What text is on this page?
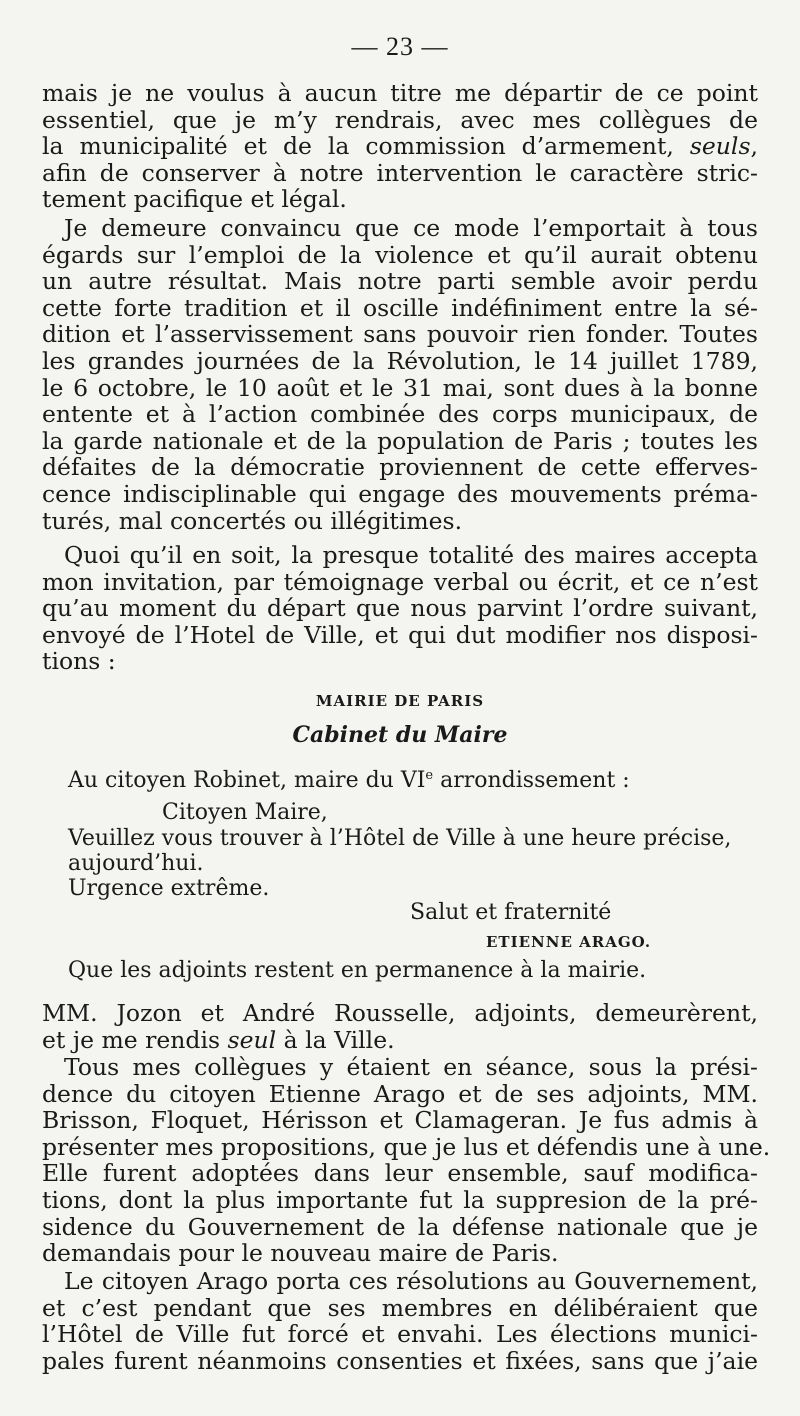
— 23 —
mais je ne voulus à aucun titre me départir de ce point
essentiel, que je m’y rendrais, avec mes collègues de
la municipalité et de la commission d’armement, seuls,
afin de conserver à notre intervention le caractère stric-
tement pacifique et légal.
Je demeure convaincu que ce mode l’emportait à tous
égards sur l’emploi de la violence et qu’il aurait obtenu
un autre résultat. Mais notre parti semble avoir perdu
cette forte tradition et il oscille indéfiniment entre la sé-
dition et l’asservissement sans pouvoir rien fonder. Toutes
les grandes journées de la Révolution, le 14 juillet 1789,
le 6 octobre, le 10 août et le 31 mai, sont dues à la bonne
entente et à l’action combinée des corps municipaux, de
la garde nationale et de la population de Paris ; toutes les
défaites de la démocratie proviennent de cette efferves-
cence indisciplinable qui engage des mouvements préma-
turés, mal concertés ou illégitimes.
Quoi qu’il en soit, la presque totalité des maires accepta
mon invitation, par témoignage verbal ou écrit, et ce n’est
qu’au moment du départ que nous parvint l’ordre suivant,
envoyé de l’Hotel de Ville, et qui dut modifier nos disposi-
tions :
MAIRIE DE PARIS
Cabinet du Maire
Au citoyen Robinet, maire du VIe arrondissement :
Citoyen Maire,
Veuillez vous trouver à l’Hôtel de Ville à une heure précise,
aujourd’hui.
Urgence extrême.
Salut et fraternité
ETIENNE ARAGO.
Que les adjoints restent en permanence à la mairie.
MM. Jozon et André Rousselle, adjoints, demeurèrent,
et je me rendis seul à la Ville.
Tous mes collègues y étaient en séance, sous la prési-
dence du citoyen Etienne Arago et de ses adjoints, MM.
Brisson, Floquet, Hérisson et Clamageran. Je fus admis à
présenter mes propositions, que je lus et défendis une à une.
Elle furent adoptées dans leur ensemble, sauf modifica-
tions, dont la plus importante fut la suppresion de la pré-
sidence du Gouvernement de la défense nationale que je
demandais pour le nouveau maire de Paris.
Le citoyen Arago porta ces résolutions au Gouvernement,
et c’est pendant que ses membres en délibéraient que
l’Hôtel de Ville fut forcé et envahi. Les élections munici-
pales furent néanmoins consenties et fixées, sans que j’aie
